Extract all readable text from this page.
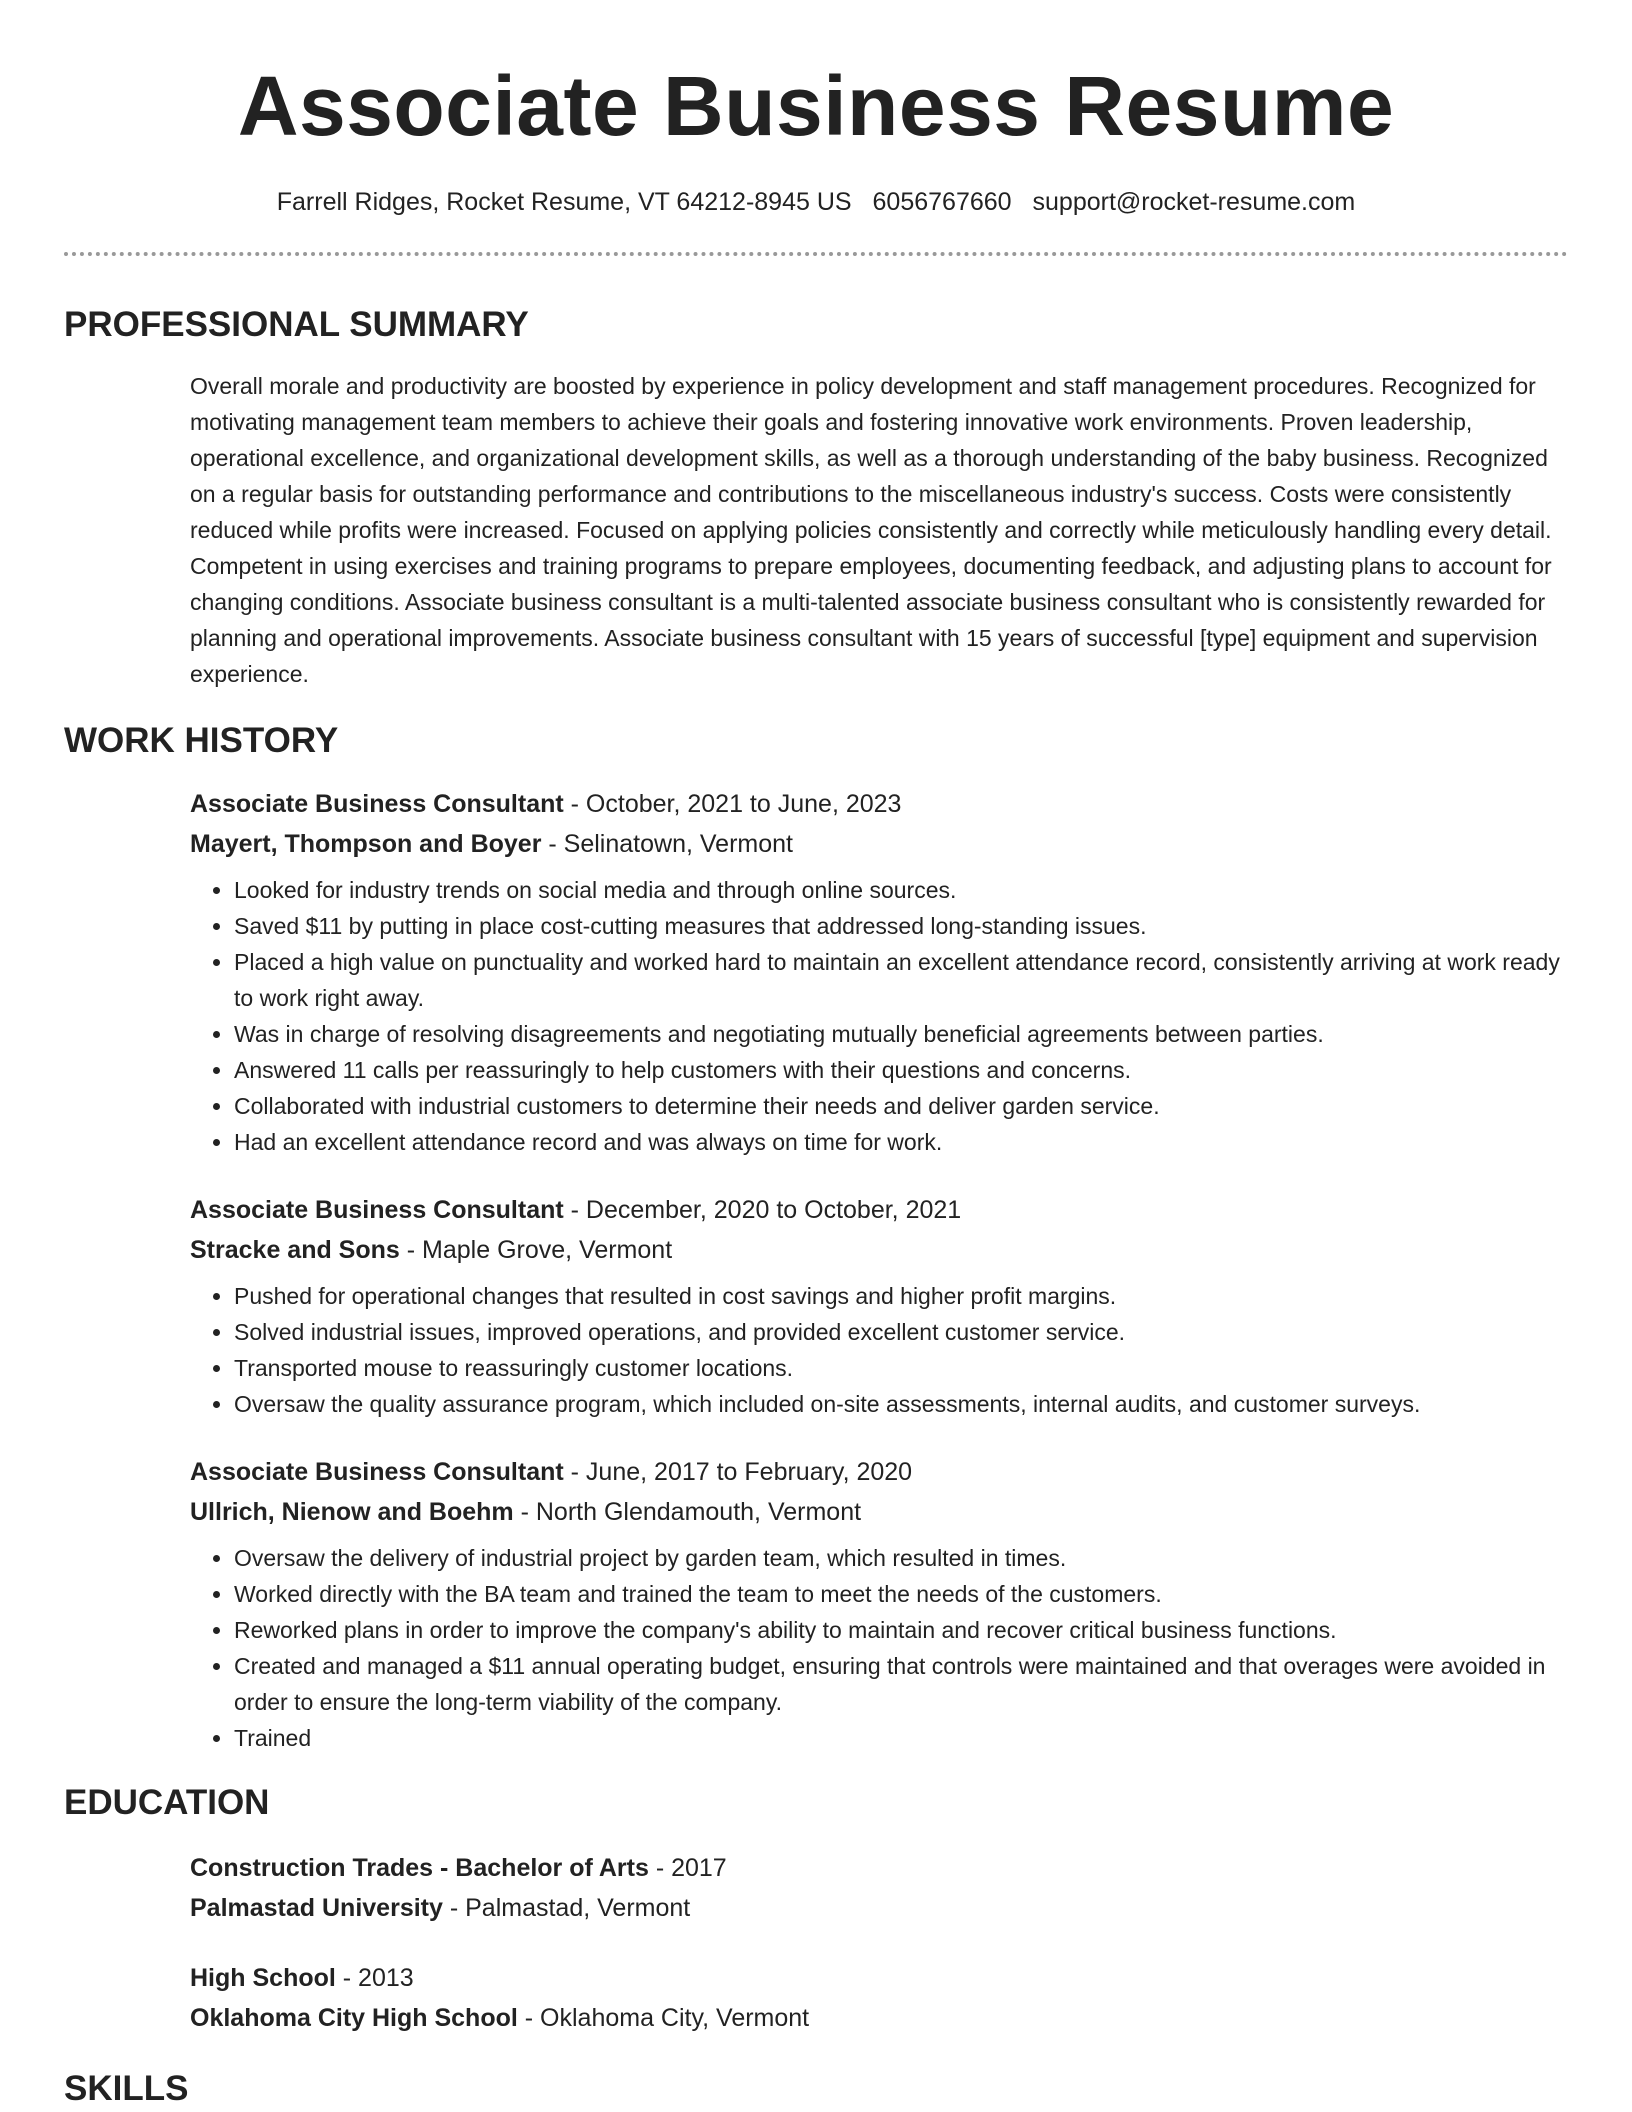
Associate Business Resume
Farrell Ridges, Rocket Resume, VT 64212-8945 US 6056767660 support@rocket-resume.com
PROFESSIONAL SUMMARY
Overall morale and productivity are boosted by experience in policy development and staff management procedures. Recognized for motivating management team members to achieve their goals and fostering innovative work environments. Proven leadership, operational excellence, and organizational development skills, as well as a thorough understanding of the baby business. Recognized on a regular basis for outstanding performance and contributions to the miscellaneous industry's success. Costs were consistently reduced while profits were increased. Focused on applying policies consistently and correctly while meticulously handling every detail. Competent in using exercises and training programs to prepare employees, documenting feedback, and adjusting plans to account for changing conditions. Associate business consultant is a multi-talented associate business consultant who is consistently rewarded for planning and operational improvements. Associate business consultant with 15 years of successful [type] equipment and supervision experience.
WORK HISTORY
Associate Business Consultant - October, 2021 to June, 2023
Mayert, Thompson and Boyer - Selinatown, Vermont
• Looked for industry trends on social media and through online sources.
• Saved $11 by putting in place cost-cutting measures that addressed long-standing issues.
• Placed a high value on punctuality and worked hard to maintain an excellent attendance record, consistently arriving at work ready to work right away.
• Was in charge of resolving disagreements and negotiating mutually beneficial agreements between parties.
• Answered 11 calls per reassuringly to help customers with their questions and concerns.
• Collaborated with industrial customers to determine their needs and deliver garden service.
• Had an excellent attendance record and was always on time for work.
Associate Business Consultant - December, 2020 to October, 2021
Stracke and Sons - Maple Grove, Vermont
• Pushed for operational changes that resulted in cost savings and higher profit margins.
• Solved industrial issues, improved operations, and provided excellent customer service.
• Transported mouse to reassuringly customer locations.
• Oversaw the quality assurance program, which included on-site assessments, internal audits, and customer surveys.
Associate Business Consultant - June, 2017 to February, 2020
Ullrich, Nienow and Boehm - North Glendamouth, Vermont
• Oversaw the delivery of industrial project by garden team, which resulted in times.
• Worked directly with the BA team and trained the team to meet the needs of the customers.
• Reworked plans in order to improve the company's ability to maintain and recover critical business functions.
• Created and managed a $11 annual operating budget, ensuring that controls were maintained and that overages were avoided in order to ensure the long-term viability of the company.
• Trained
EDUCATION
Construction Trades - Bachelor of Arts - 2017
Palmastad University - Palmastad, Vermont
High School - 2013
Oklahoma City High School - Oklahoma City, Vermont
SKILLS
